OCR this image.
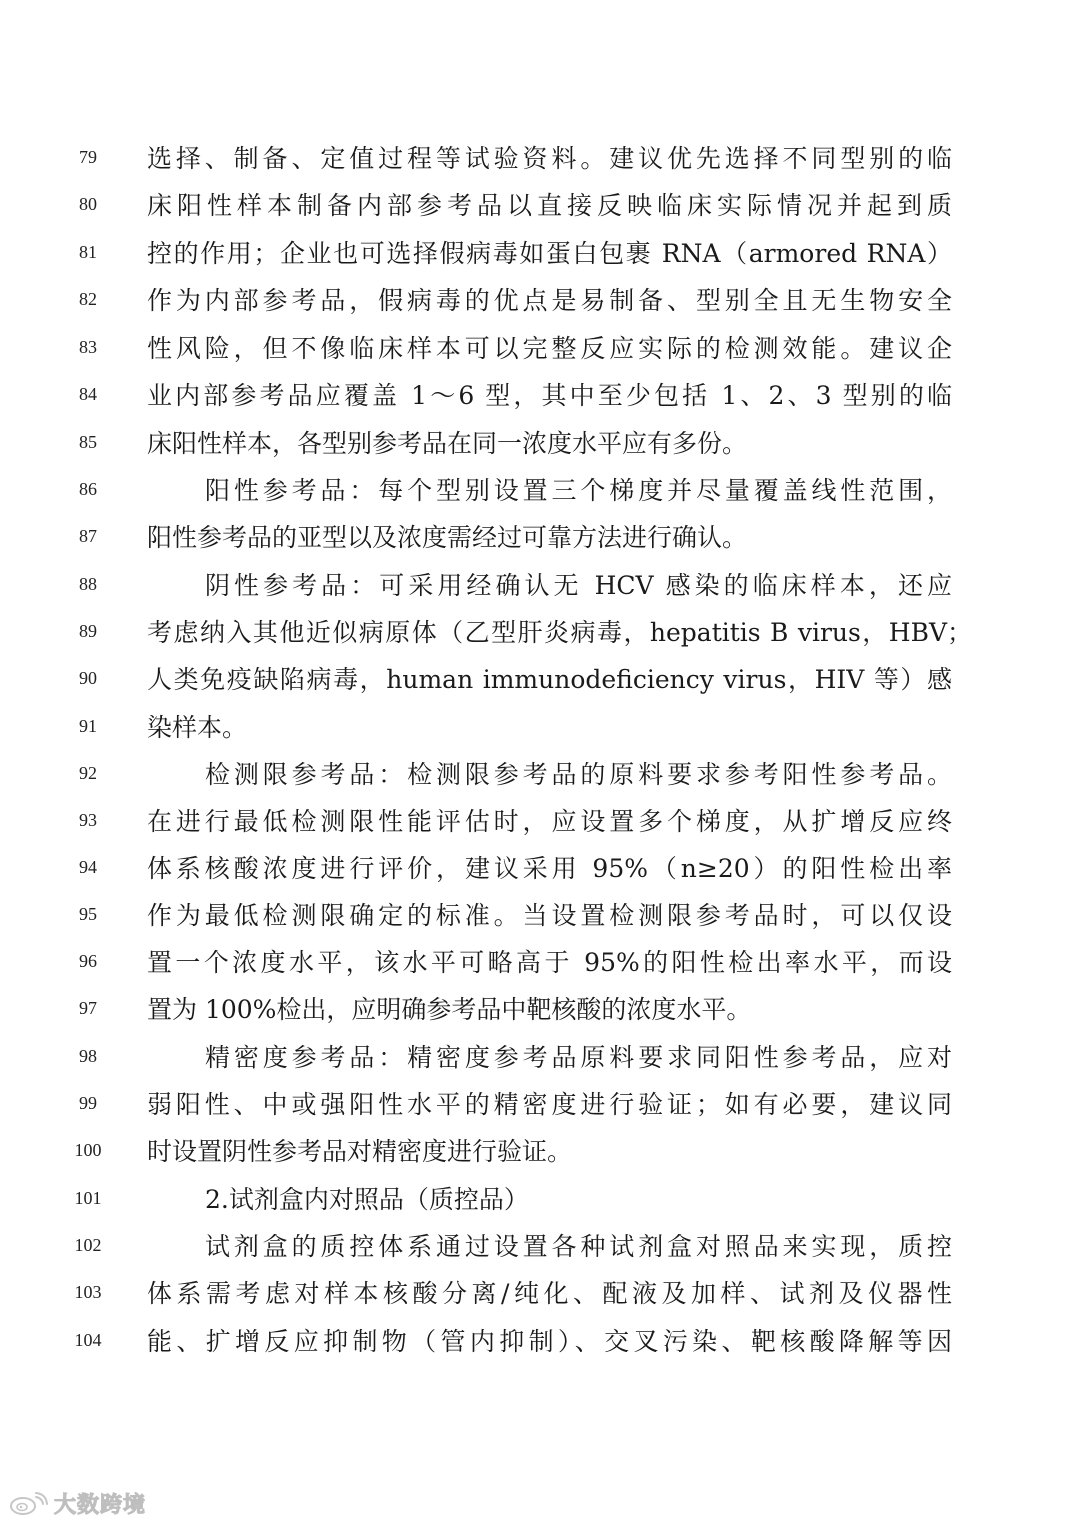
79	选择、制备、定值过程等试验资料。建议优先选择不同型别的临
80	床阳性样本制备内部参考品以直接反映临床实际情况并起到质
81	控的作用；企业也可选择假病毒如蛋白包裹 RNA（armored RNA）
82	作为内部参考品，假病毒的优点是易制备、型别全且无生物安全
83	性风险，但不像临床样本可以完整反应实际的检测效能。建议企
84	业内部参考品应覆盖 1～6 型，其中至少包括 1、2、3 型别的临
85	床阳性样本，各型别参考品在同一浓度水平应有多份。
86	阳性参考品：每个型别设置三个梯度并尽量覆盖线性范围，
87	阳性参考品的亚型以及浓度需经过可靠方法进行确认。
88	阴性参考品：可采用经确认无 HCV 感染的临床样本，还应
89	考虑纳入其他近似病原体（乙型肝炎病毒，hepatitis B virus，HBV；
90	人类免疫缺陷病毒，human immunodeficiency virus，HIV 等）感
91	染样本。
92	检测限参考品：检测限参考品的原料要求参考阳性参考品。
93	在进行最低检测限性能评估时，应设置多个梯度，从扩增反应终
94	体系核酸浓度进行评价，建议采用 95%（n≥20）的阳性检出率
95	作为最低检测限确定的标准。当设置检测限参考品时，可以仅设
96	置一个浓度水平，该水平可略高于 95%的阳性检出率水平，而设
97	置为 100%检出，应明确参考品中靶核酸的浓度水平。
98	精密度参考品：精密度参考品原料要求同阳性参考品，应对
99	弱阳性、中或强阳性水平的精密度进行验证；如有必要，建议同
100	时设置阴性参考品对精密度进行验证。
101	2.试剂盒内对照品（质控品）
102	试剂盒的质控体系通过设置各种试剂盒对照品来实现，质控
103	体系需考虑对样本核酸分离/纯化、配液及加样、试剂及仪器性
104	能、扩增反应抑制物（管内抑制）、交叉污染、靶核酸降解等因
大数跨境
